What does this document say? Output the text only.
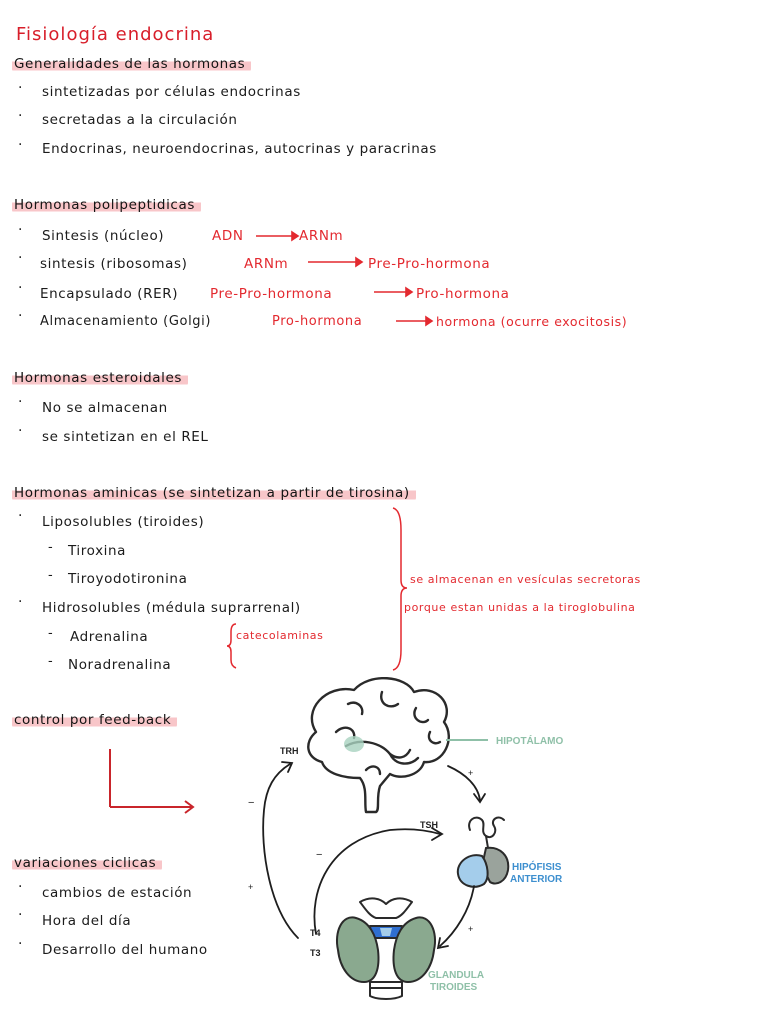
Fisiología endocrina
Generalidades de las hormonas
· sintetizadas por células endocrinas
· secretadas a la circulación
· Endocrinas, neuroendocrinas, autocrinas y paracrinas
Hormonas polipeptidicas
· Sintesis (núcleo)	ADN	ARNm
· sintesis (ribosomas)	ARNm	Pre-Pro-hormona
· Encapsulado (RER) Pre-Pro-hormona	Pro-hormona
· Almacenamiento (Golgi)	Pro-hormona	hormona (ocurre exocitosis)
Hormonas esteroidales
· No se almacenan
· se sintetizan en el REL
Hormonas aminicas (se sintetizan a partir de tirosina)
· Liposolubles (tiroides)
- Tiroxina
- Tiroyodotironina
· Hidrosolubles (médula suprarrenal)
- Adrenalina
- Noradrenalina
catecolaminas
se almacenan en vesículas secretoras
porque estan unidas a la tiroglobulina
control por feed-back
variaciones ciclicas
· cambios de estación
· Hora del día
· Desarrollo del humano
HIPOTÁLAMO
HIPÓFISIS
ANTERIOR
GLANDULA
TIROIDES
TRH
TSH
T4
T3
+
+
+
−
−
